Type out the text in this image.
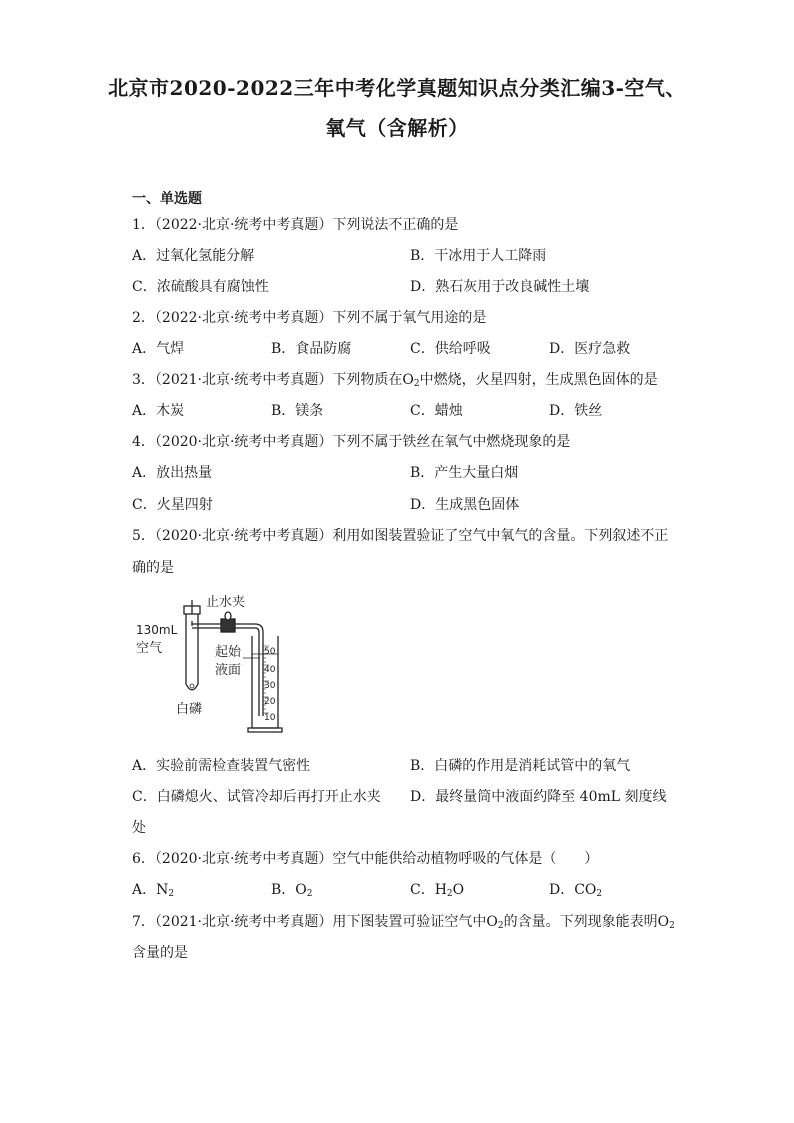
北京市2020-2022三年中考化学真题知识点分类汇编3-空气、
氧气（含解析）
一、单选题
1．（2022·北京·统考中考真题）下列说法不正确的是
A．过氧化氢能分解	B．干冰用于人工降雨
C．浓硫酸具有腐蚀性	D．熟石灰用于改良碱性土壤
2．（2022·北京·统考中考真题）下列不属于氧气用途的是
A．气焊	B．食品防腐	C．供给呼吸	D．医疗急救
3．（2021·北京·统考中考真题）下列物质在$O_2$中燃烧，火星四射，生成黑色固体的是
A．木炭	B．镁条	C．蜡烛	D．铁丝
4．（2020·北京·统考中考真题）下列不属于铁丝在氧气中燃烧现象的是
A．放出热量	B．产生大量白烟
C．火星四射	D．生成黑色固体
5．（2020·北京·统考中考真题）利用如图装置验证了空气中氧气的含量。下列叙述不正
确的是
止水夹
130mL
空气	起始
液面
白磷
50
40
30
20
10
A．实验前需检查装置气密性	B．白磷的作用是消耗试管中的氧气
C．白磷熄火、试管冷却后再打开止水夹 D．最终量筒中液面约降至 40mL 刻度线
处
6．（2020·北京·统考中考真题）空气中能供给动植物呼吸的气体是（　　）
A．$N_2$	B．$O_2$	C．$H_2O$	D．$CO_2$
7．（2021·北京·统考中考真题）用下图装置可验证空气中$O_2$的含量。下列现象能表明$O_2$
含量的是
